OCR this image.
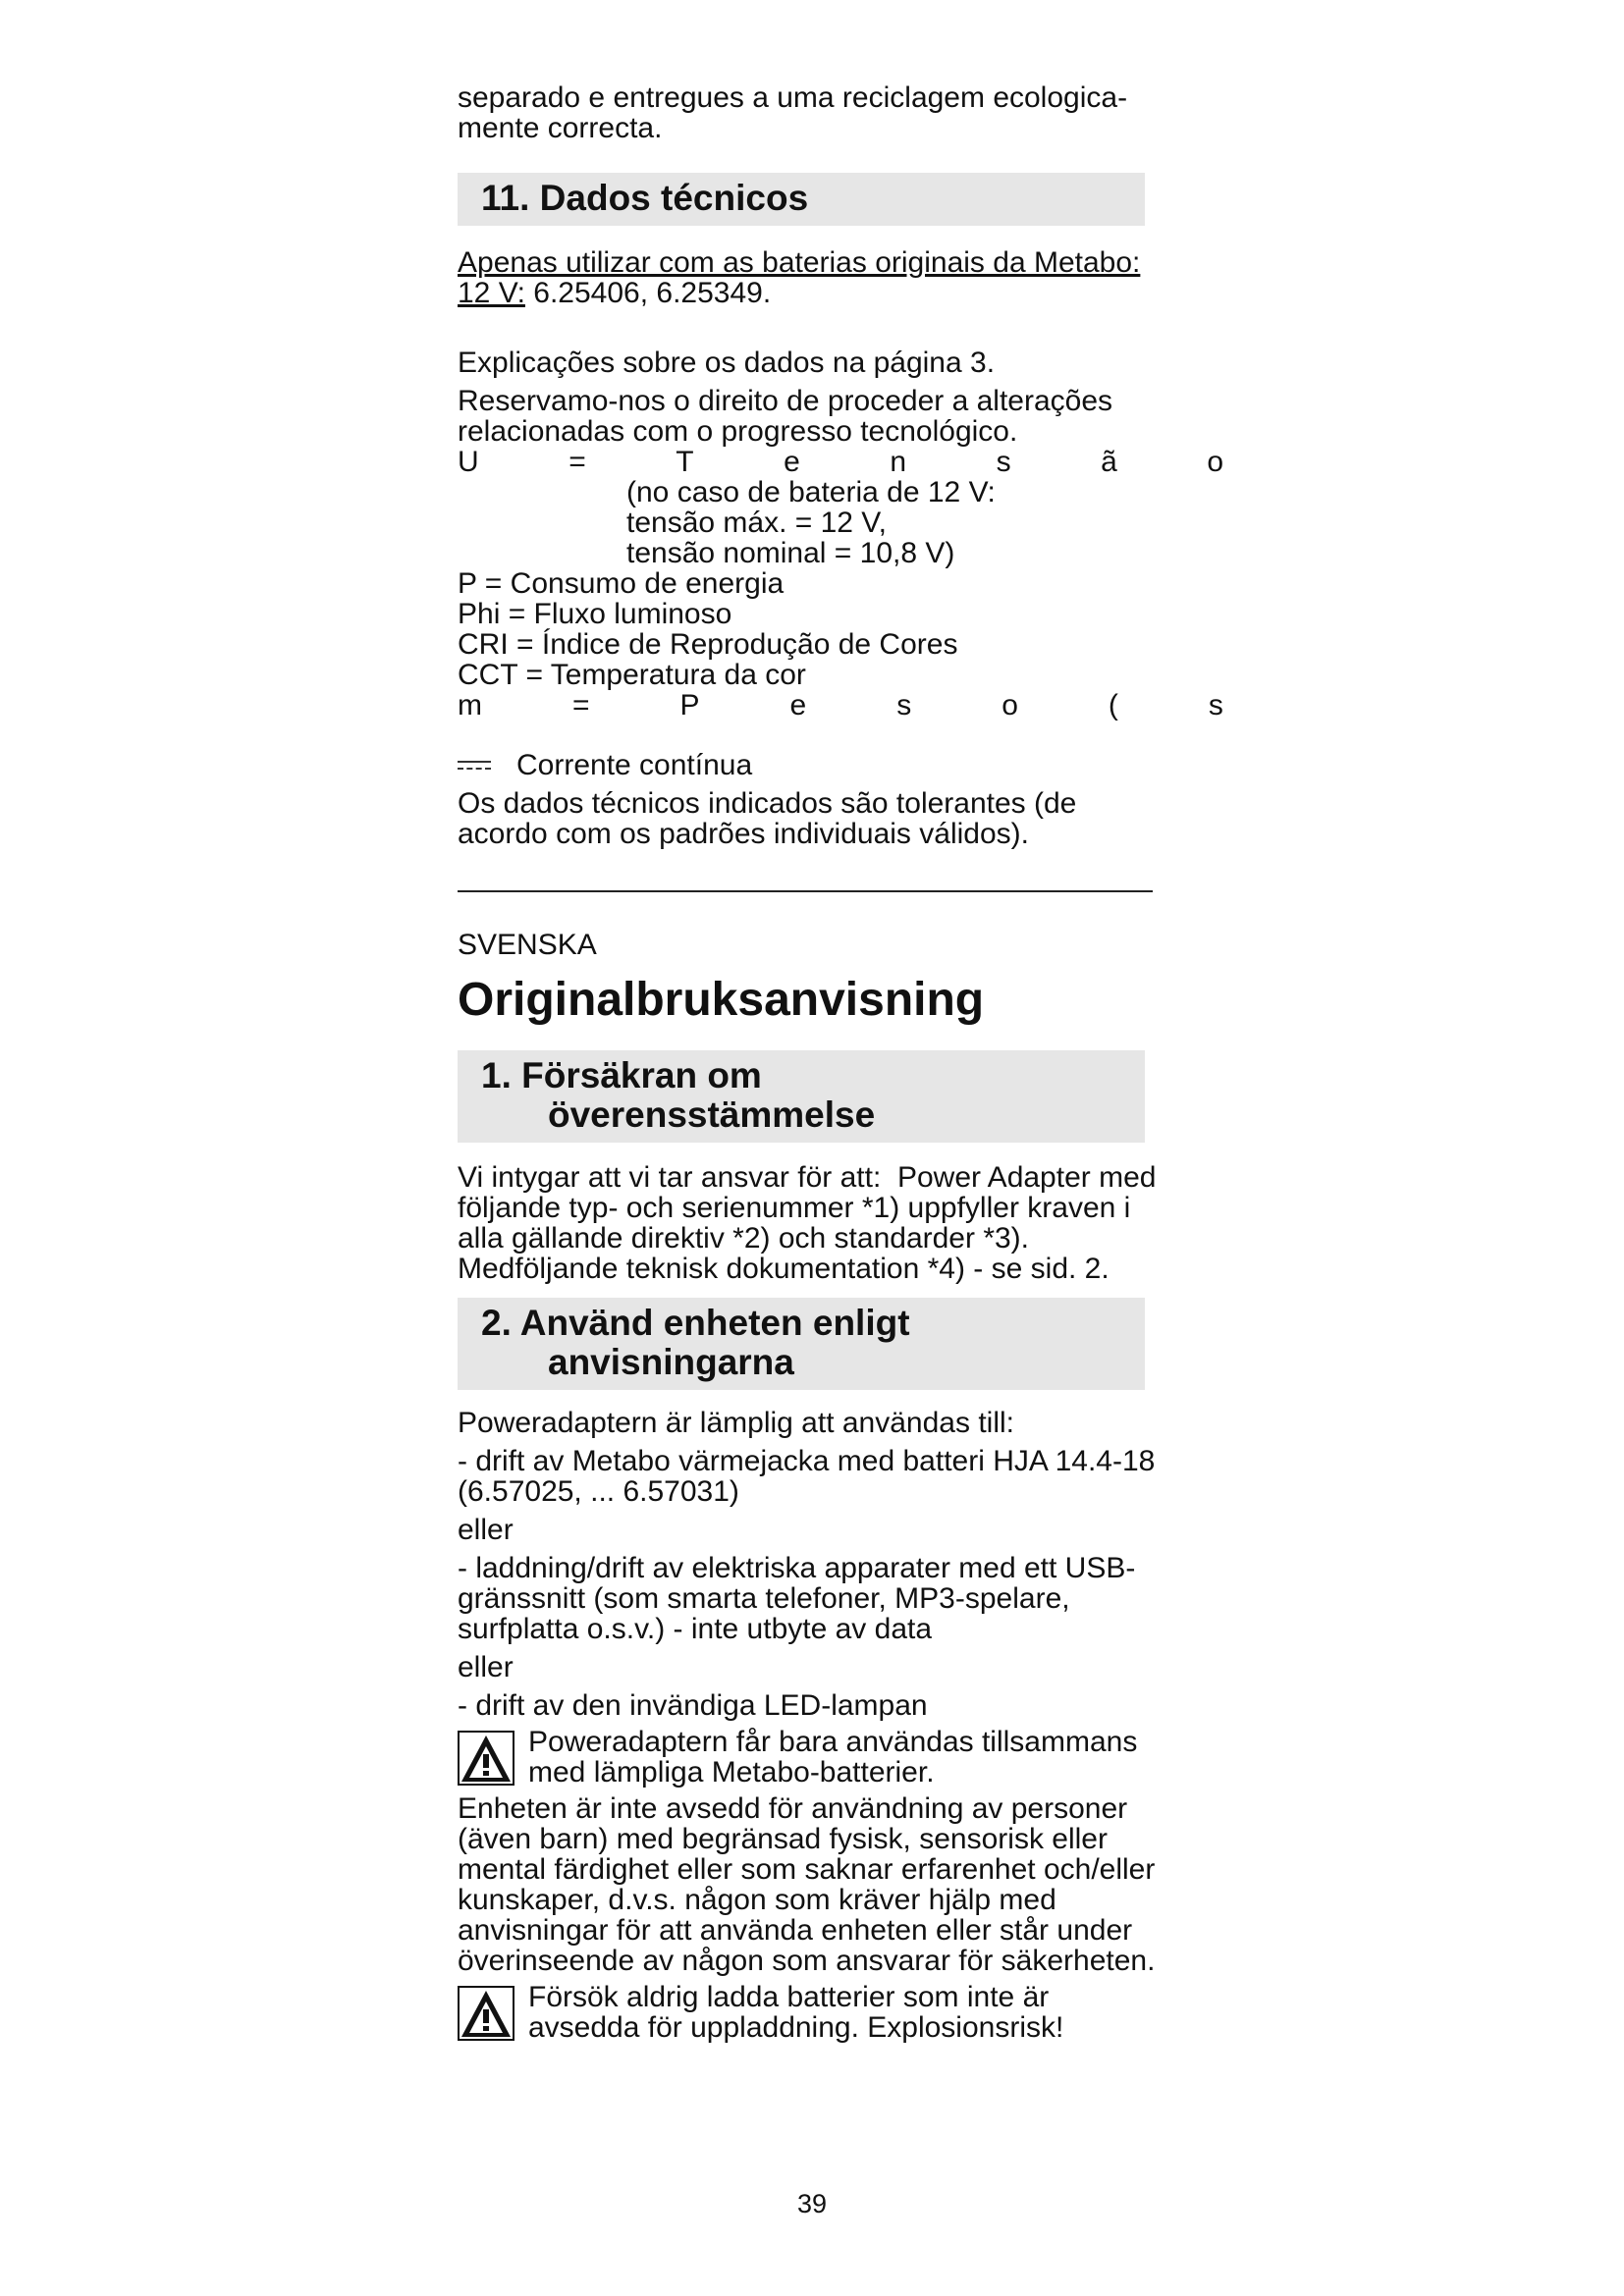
separado e entregues a uma reciclagem ecologica-

mente correcta.

11. Dados técnicos

Apenas utilizar com as baterias originais da Metabo:

12 V: 6.25406, 6.25349.

Explicações sobre os dados na página 3.

Reservamo-nos o direito de proceder a alterações

relacionadas com o progresso tecnológico.

U	=	T	e	n	s	ã	o

(no caso de bateria de 12 V:

tensão máx. = 12 V,

tensão nominal = 10,8 V)

P = Consumo de energia

Phi = Fluxo luminoso

CRI = Índice de Reprodução de Cores

CCT = Temperatura da cor

m	=	P	e	s	o	(	s
Corrente contínua

Os dados técnicos indicados são tolerantes (de

acordo com os padrões individuais válidos).

SVENSKA

Originalbruksanvisning
1. Försäkran om
överensstämmelse

Vi intygar att vi tar ansvar för att:  Power Adapter med

följande typ- och serienummer *1) uppfyller kraven i

alla gällande direktiv *2) och standarder *3).

Medföljande teknisk dokumentation *4) - se sid. 2.

2. Använd enheten enligt
anvisningarna

Poweradaptern är lämplig att användas till:

- drift av Metabo värmejacka med batteri HJA 14.4-18

(6.57025, ... 6.57031)

eller

- laddning/drift av elektriska apparater med ett USB-

gränssnitt (som smarta telefoner, MP3-spelare,

surfplatta o.s.v.) - inte utbyte av data

eller

- drift av den invändiga LED-lampan

Poweradaptern får bara användas tillsammans

med lämpliga Metabo-batterier.

Enheten är inte avsedd för användning av personer

(även barn) med begränsad fysisk, sensorisk eller

mental färdighet eller som saknar erfarenhet och/eller

kunskaper, d.v.s. någon som kräver hjälp med

anvisningar för att använda enheten eller står under

överinseende av någon som ansvarar för säkerheten.

Försök aldrig ladda batterier som inte är

avsedda för uppladdning. Explosionsrisk!

39
